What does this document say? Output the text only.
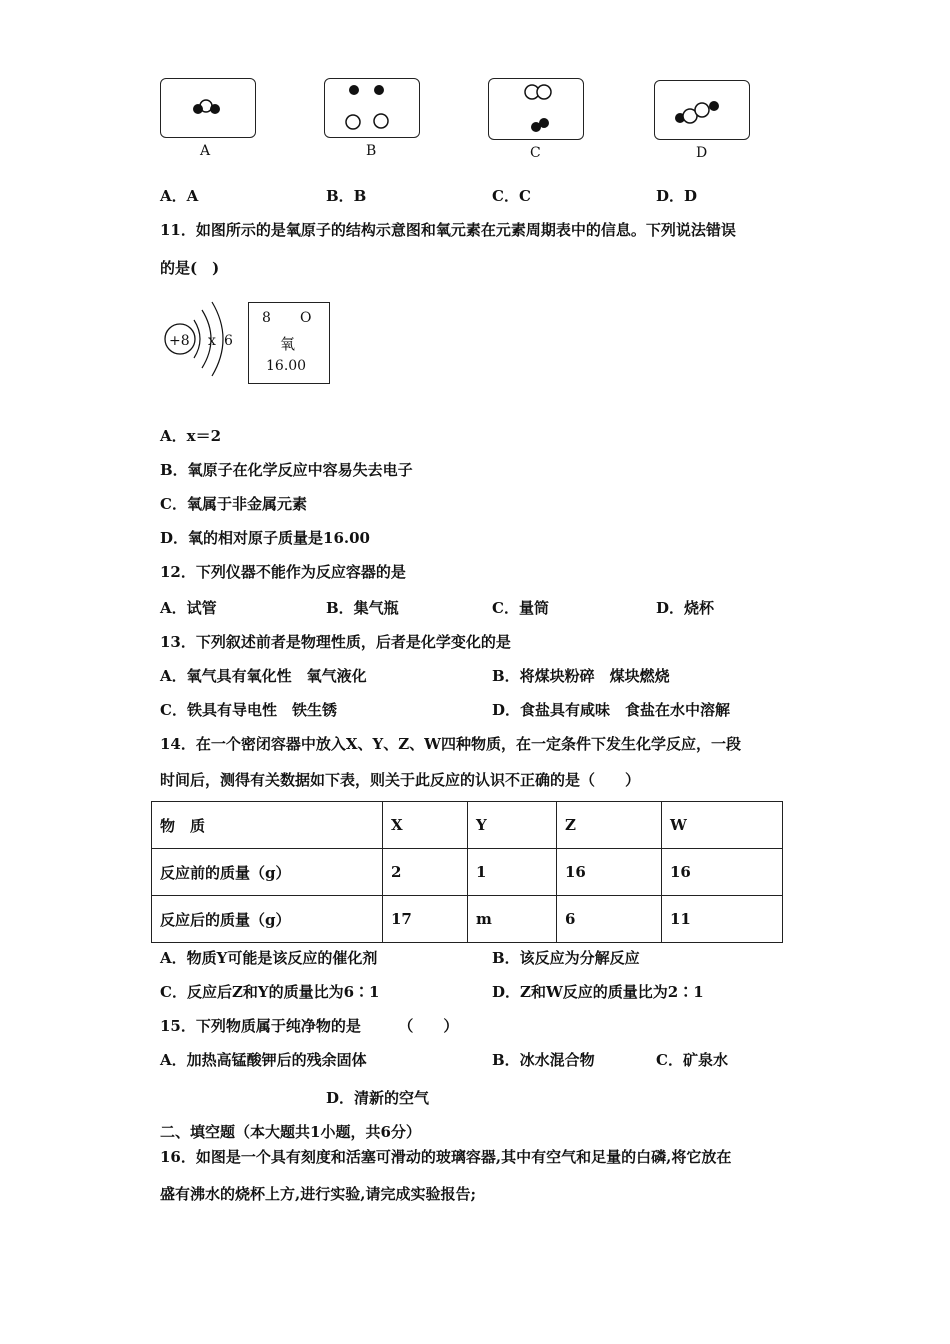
A	B	C	D
A．A	B．B	C．C	D．D
11．如图所示的是氧原子的结构示意图和氧元素在元素周期表中的信息。下列说法错误
的是(　)
+8 x 6
8 O
氧
16.00
A．x＝2
B．氧原子在化学反应中容易失去电子
C．氧属于非金属元素
D．氧的相对原子质量是16.00
12．下列仪器不能作为反应容器的是
A．试管	B．集气瓶	C．量筒	D．烧杯
13．下列叙述前者是物理性质，后者是化学变化的是
A．氧气具有氧化性　氧气液化	B．将煤块粉碎　煤块燃烧
C．铁具有导电性　铁生锈	D．食盐具有咸味　食盐在水中溶解
14．在一个密闭容器中放入X、Y、Z、W四种物质，在一定条件下发生化学反应，一段
时间后，测得有关数据如下表，则关于此反应的认识不正确的是（　　）
物　质	X	Y	Z	W
反应前的质量（g）	2	1	16	16
反应后的质量（g）	17	m	6	11
A．物质Y可能是该反应的催化剂	B．该反应为分解反应
C．反应后Z和Y的质量比为6∶1	D．Z和W反应的质量比为2∶1
15．下列物质属于纯净物的是　　　（　　）
A．加热高锰酸钾后的残余固体	B．冰水混合物	C．矿泉水
D．清新的空气
二、填空题（本大题共1小题，共6分）
16．如图是一个具有刻度和活塞可滑动的玻璃容器,其中有空气和足量的白磷,将它放在
盛有沸水的烧杯上方,进行实验,请完成实验报告;
